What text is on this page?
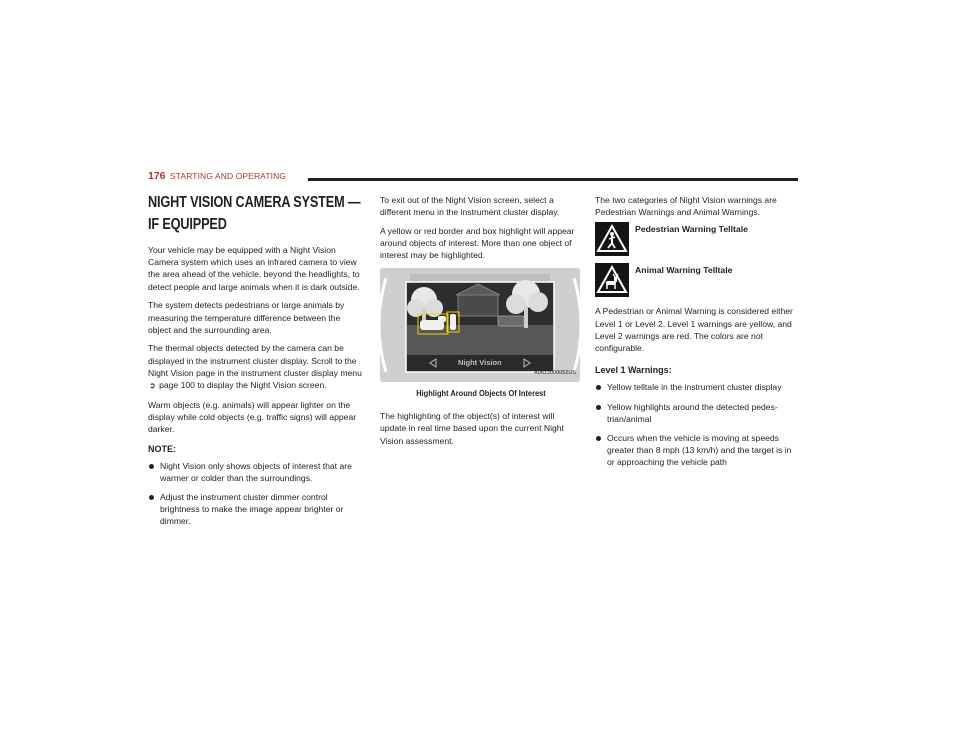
176 STARTING AND OPERATING
NIGHT VISION CAMERA SYSTEM —
IF EQUIPPED

Your vehicle may be equipped with a Night Vision Camera system which uses an infrared camera to view the area ahead of the vehicle, beyond the headlights, to detect people and large animals when it is dark outside.

The system detects pedestrians or large animals by measuring the temperature difference between the object and the surrounding area.

The thermal objects detected by the camera can be displayed in the instrument cluster display. Scroll to the Night Vision page in the instrument cluster display menu ➲ page 100 to display the Night Vision screen.

Warm objects (e.g. animals) will appear lighter on the display while cold objects (e.g. traffic signs) will appear darker.

NOTE:
Night Vision only shows objects of interest that are warmer or colder than the surroundings.
Adjust the instrument cluster dimmer control brightness to make the image appear brighter or dimmer.

To exit out of the Night Vision screen, select a different menu in the instrument cluster display.

A yellow or red border and box highlight will appear around objects of interest. More than one object of interest may be highlighted.

Night Vision
A0612000052US
Highlight Around Objects Of Interest

The highlighting of the object(s) of interest will update in real time based upon the current Night Vision assessment.

The two categories of Night Vision warnings are Pedestrian Warnings and Animal Warnings.

Pedestrian Warning Telltale
Animal Warning Telltale

A Pedestrian or Animal Warning is considered either Level 1 or Level 2. Level 1 warnings are yellow, and Level 2 warnings are red. The colors are not configurable.

Level 1 Warnings:
Yellow telltale in the instrument cluster display
Yellow highlights around the detected pedes-trian/animal
Occurs when the vehicle is moving at speeds greater than 8 mph (13 km/h) and the target is in or approaching the vehicle path
